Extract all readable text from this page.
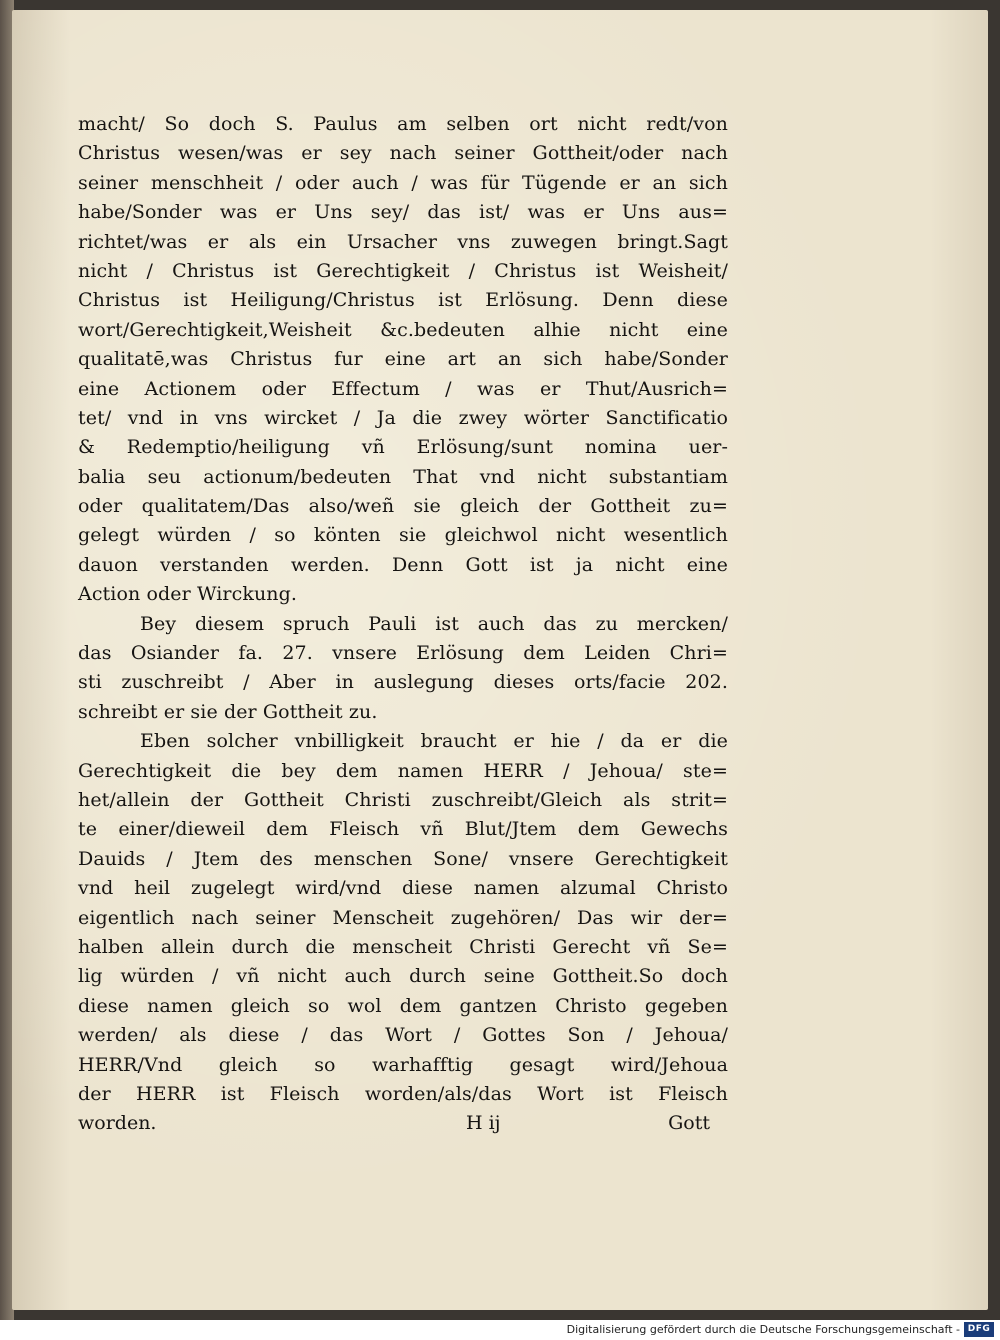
macht/ So doch S. Paulus am selben ort nicht redt/von
Christus wesen/was er sey nach seiner Gottheit/oder nach
seiner menschheit / oder auch / was für Tügende er an sich
habe/Sonder was er Uns sey/ das ist/ was er Uns aus=
richtet/was er als ein Ursacher vns zuwegen bringt.Sagt
nicht / Christus ist Gerechtigkeit / Christus ist Weisheit/
Christus ist Heiligung/Christus ist Erlösung. Denn diese
wort/Gerechtigkeit,Weisheit &c.bedeuten alhie nicht eine
qualitatē,was Christus fur eine art an sich habe/Sonder
eine Actionem oder Effectum / was er Thut/Ausrich=
tet/ vnd in vns wircket / Ja die zwey wörter Sanctificatio
& Redemptio/heiligung vñ Erlösung/sunt nomina uer-
balia seu actionum/bedeuten That vnd nicht substantiam
oder qualitatem/Das also/weñ sie gleich der Gottheit zu=
gelegt würden / so könten sie gleichwol nicht wesentlich
dauon verstanden werden. Denn Gott ist ja nicht eine
Action oder Wirckung.
Bey diesem spruch Pauli ist auch das zu mercken/
das Osiander fa. 27. vnsere Erlösung dem Leiden Chri=
sti zuschreibt / Aber in auslegung dieses orts/facie 202.
schreibt er sie der Gottheit zu.
Eben solcher vnbilligkeit braucht er hie / da er die
Gerechtigkeit die bey dem namen HERR / Jehoua/ ste=
het/allein der Gottheit Christi zuschreibt/Gleich als strit=
te einer/dieweil dem Fleisch vñ Blut/Jtem dem Gewechs
Dauids / Jtem des menschen Sone/ vnsere Gerechtigkeit
vnd heil zugelegt wird/vnd diese namen alzumal Christo
eigentlich nach seiner Menscheit zugehören/ Das wir der=
halben allein durch die menscheit Christi Gerecht vñ Se=
lig würden / vñ nicht auch durch seine Gottheit.So doch
diese namen gleich so wol dem gantzen Christo gegeben
werden/ als diese / das Wort / Gottes Son / Jehoua/
HERR/Vnd gleich so warhafftig gesagt wird/Jehoua
der HERR ist Fleisch worden/als/das Wort ist Fleisch
worden.	H ij	Gott
Digitalisierung gefördert durch die Deutsche Forschungsgemeinschaft - DFG
